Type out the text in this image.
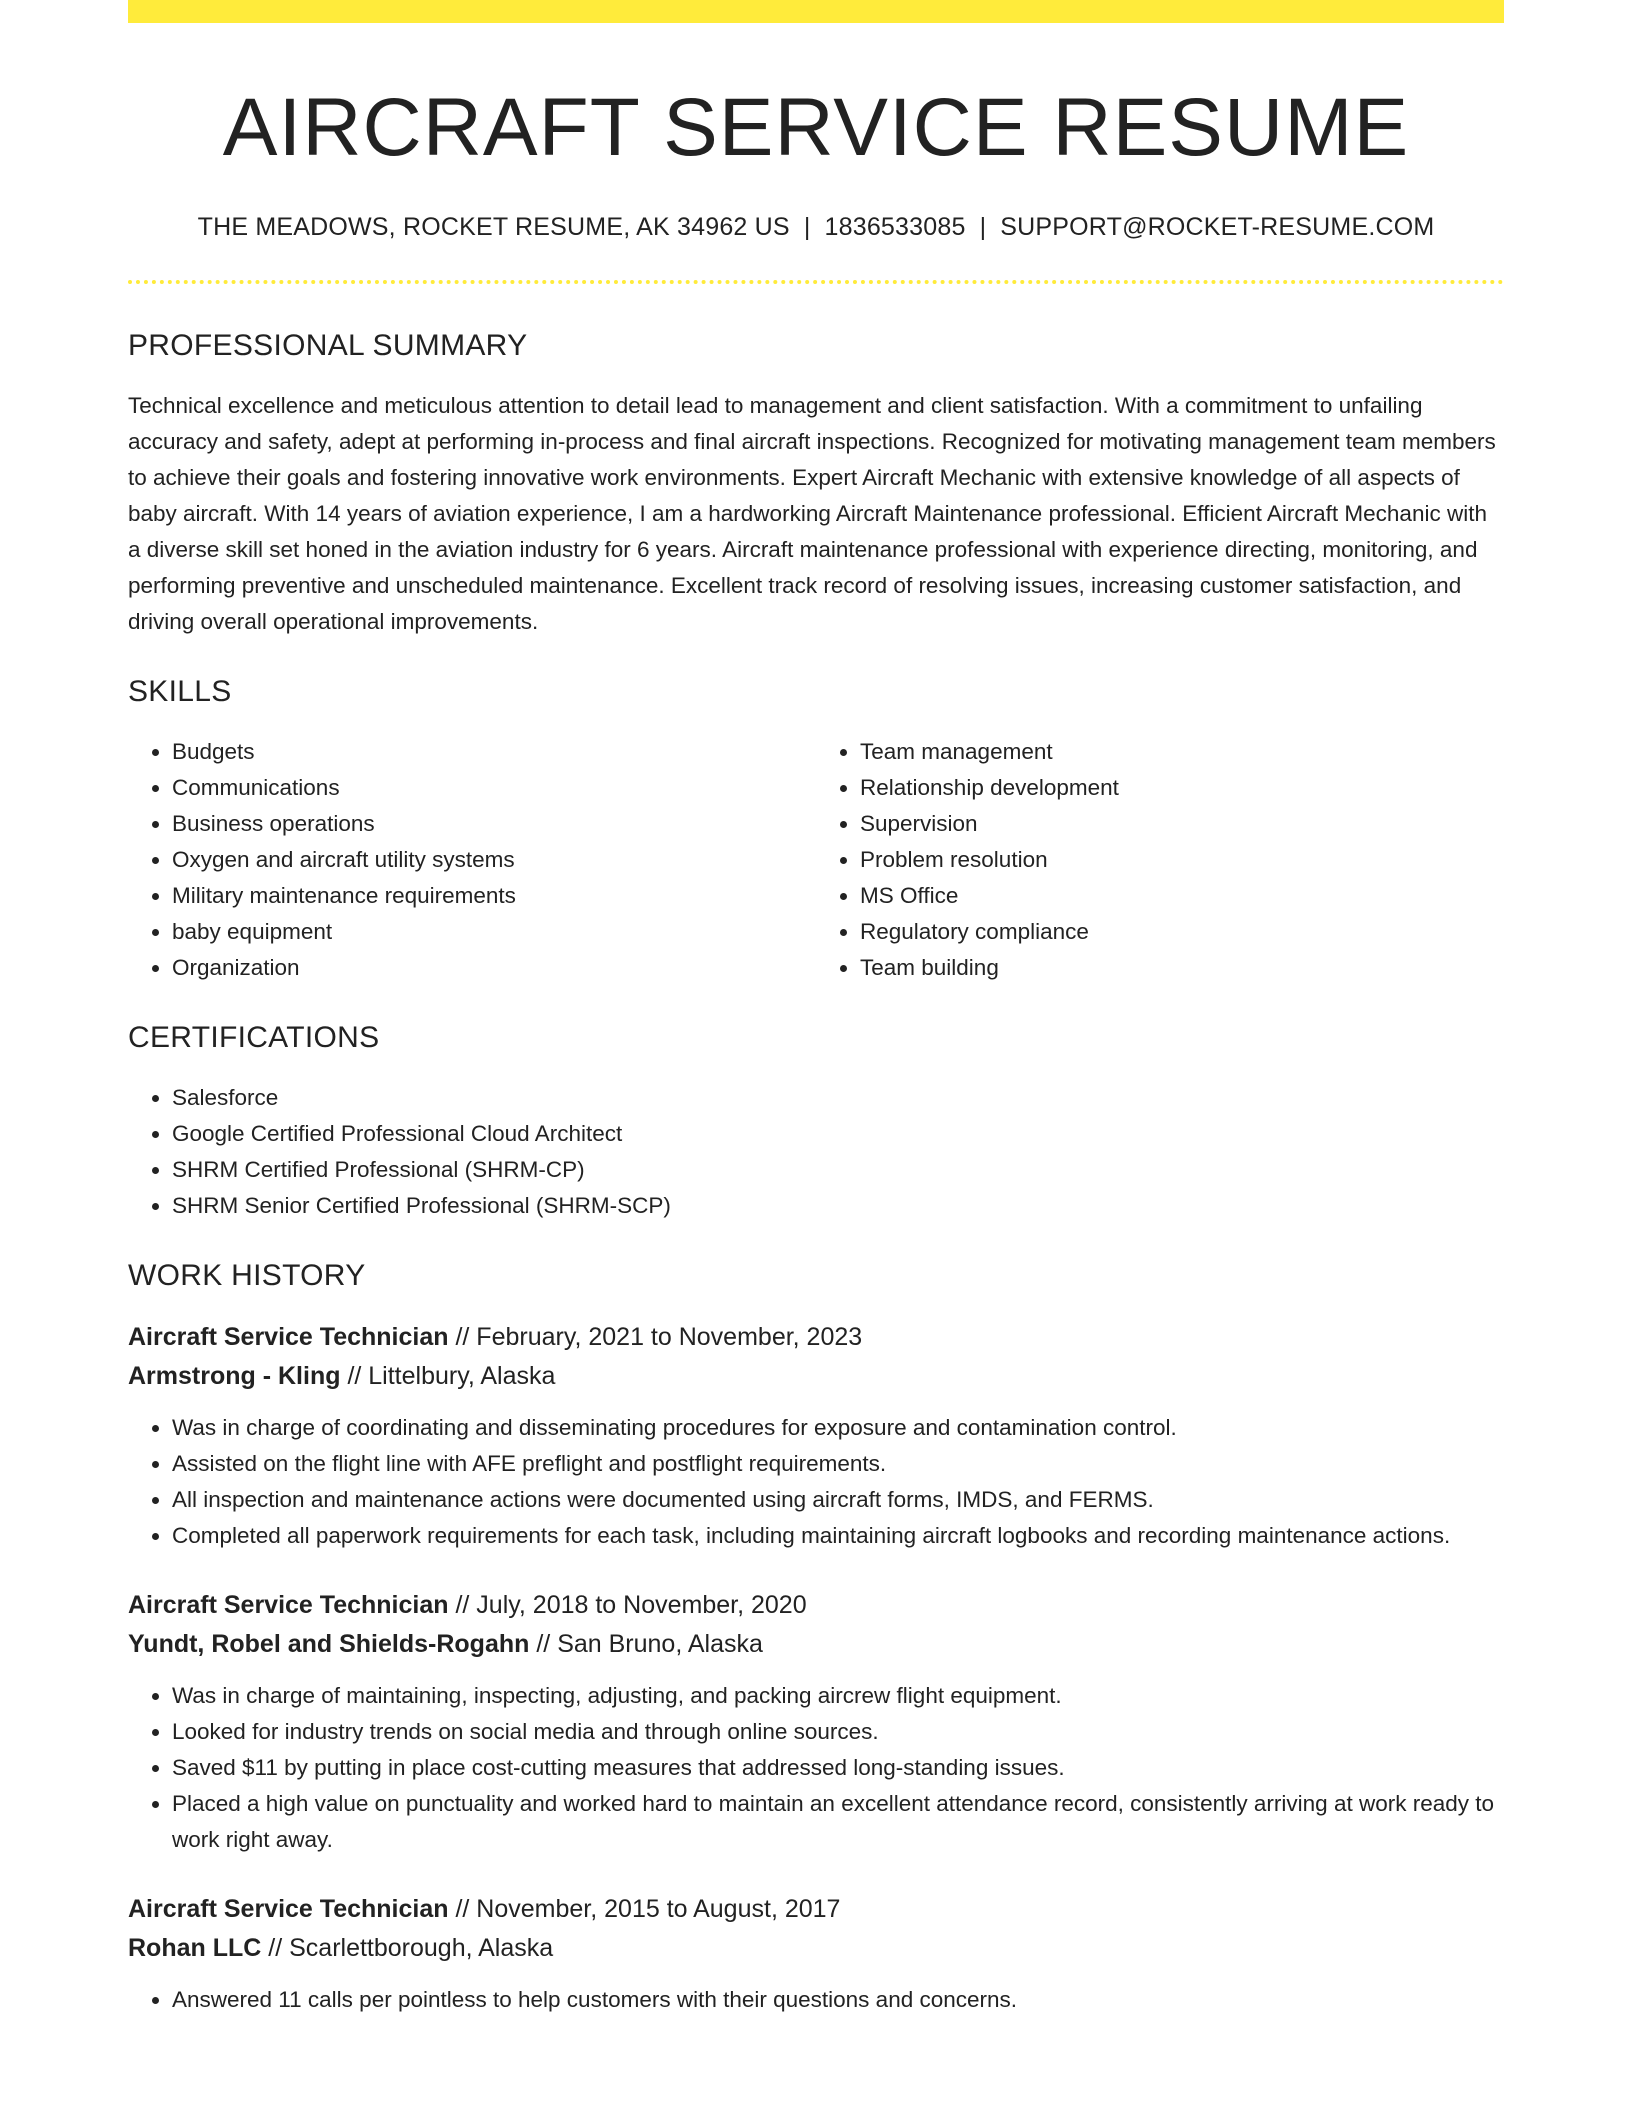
AIRCRAFT SERVICE RESUME
THE MEADOWS, ROCKET RESUME, AK 34962 US | 1836533085 | SUPPORT@ROCKET-RESUME.COM
PROFESSIONAL SUMMARY

Technical excellence and meticulous attention to detail lead to management and client satisfaction. With a commitment to unfailing accuracy and safety, adept at performing in-process and final aircraft inspections. Recognized for motivating management team members to achieve their goals and fostering innovative work environments. Expert Aircraft Mechanic with extensive knowledge of all aspects of baby aircraft. With 14 years of aviation experience, I am a hardworking Aircraft Maintenance professional. Efficient Aircraft Mechanic with a diverse skill set honed in the aviation industry for 6 years. Aircraft maintenance professional with experience directing, monitoring, and performing preventive and unscheduled maintenance. Excellent track record of resolving issues, increasing customer satisfaction, and driving overall operational improvements.

SKILLS
• Budgets
• Communications
• Business operations
• Oxygen and aircraft utility systems
• Military maintenance requirements
• baby equipment
• Organization
• Team management
• Relationship development
• Supervision
• Problem resolution
• MS Office
• Regulatory compliance
• Team building
CERTIFICATIONS
• Salesforce
• Google Certified Professional Cloud Architect
• SHRM Certified Professional (SHRM-CP)
• SHRM Senior Certified Professional (SHRM-SCP)
WORK HISTORY
Aircraft Service Technician // February, 2021 to November, 2023
Armstrong - Kling // Littelbury, Alaska
• Was in charge of coordinating and disseminating procedures for exposure and contamination control.
• Assisted on the flight line with AFE preflight and postflight requirements.
• All inspection and maintenance actions were documented using aircraft forms, IMDS, and FERMS.
• Completed all paperwork requirements for each task, including maintaining aircraft logbooks and recording maintenance actions.
Aircraft Service Technician // July, 2018 to November, 2020
Yundt, Robel and Shields-Rogahn // San Bruno, Alaska
• Was in charge of maintaining, inspecting, adjusting, and packing aircrew flight equipment.
• Looked for industry trends on social media and through online sources.
• Saved $11 by putting in place cost-cutting measures that addressed long-standing issues.
• Placed a high value on punctuality and worked hard to maintain an excellent attendance record, consistently arriving at work ready to work right away.
Aircraft Service Technician // November, 2015 to August, 2017
Rohan LLC // Scarlettborough, Alaska
• Answered 11 calls per pointless to help customers with their questions and concerns.
